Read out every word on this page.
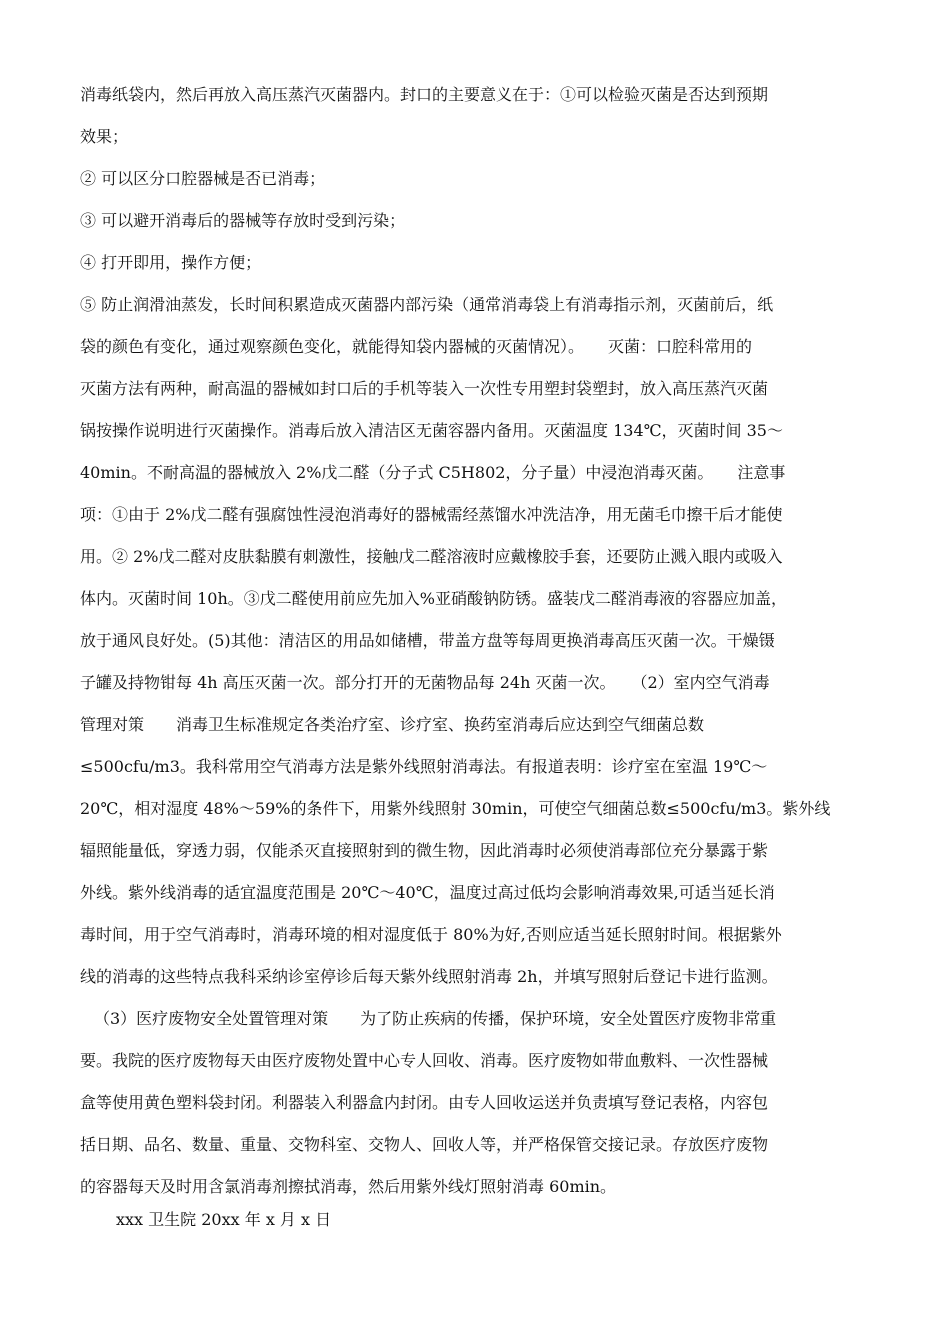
消毒纸袋内，然后再放入高压蒸汽灭菌器内。封口的主要意义在于：①可以检验灭菌是否达到预期
效果；
② 可以区分口腔器械是否已消毒；
③ 可以避开消毒后的器械等存放时受到污染；
④ 打开即用，操作方便；
⑤ 防止润滑油蒸发，长时间积累造成灭菌器内部污染（通常消毒袋上有消毒指示剂，灭菌前后，纸
袋的颜色有变化，通过观察颜色变化，就能得知袋内器械的灭菌情况）。　　灭菌：口腔科常用的
灭菌方法有两种，耐高温的器械如封口后的手机等装入一次性专用塑封袋塑封，放入高压蒸汽灭菌
锅按操作说明进行灭菌操作。消毒后放入清洁区无菌容器内备用。灭菌温度 134℃，灭菌时间 35～
40min。不耐高温的器械放入 2%戊二醛（分子式 C5H802，分子量）中浸泡消毒灭菌。　　注意事
项：①由于 2%戊二醛有强腐蚀性浸泡消毒好的器械需经蒸馏水冲洗洁净，用无菌毛巾擦干后才能使
用。② 2%戊二醛对皮肤黏膜有刺激性，接触戊二醛溶液时应戴橡胶手套，还要防止溅入眼内或吸入
体内。灭菌时间 10h。③戊二醛使用前应先加入%亚硝酸钠防锈。盛装戊二醛消毒液的容器应加盖，
放于通风良好处。(5)其他：清洁区的用品如储槽，带盖方盘等每周更换消毒高压灭菌一次。干燥镊
子罐及持物钳每 4h 高压灭菌一次。部分打开的无菌物品每 24h 灭菌一次。　　（2）室内空气消毒
管理对策　　消毒卫生标准规定各类治疗室、诊疗室、换药室消毒后应达到空气细菌总数
≤500cfu/m3。我科常用空气消毒方法是紫外线照射消毒法。有报道表明：诊疗室在室温 19℃～
20℃，相对湿度 48%～59%的条件下，用紫外线照射 30min，可使空气细菌总数≤500cfu/m3。紫外线
辐照能量低，穿透力弱，仅能杀灭直接照射到的微生物，因此消毒时必须使消毒部位充分暴露于紫
外线。紫外线消毒的适宜温度范围是 20℃～40℃，温度过高过低均会影响消毒效果,可适当延长消
毒时间，用于空气消毒时，消毒环境的相对湿度低于 80%为好,否则应适当延长照射时间。根据紫外
线的消毒的这些特点我科采纳诊室停诊后每天紫外线照射消毒 2h，并填写照射后登记卡进行监测。
（3）医疗废物安全处置管理对策　　为了防止疾病的传播，保护环境，安全处置医疗废物非常重
要。我院的医疗废物每天由医疗废物处置中心专人回收、消毒。医疗废物如带血敷料、一次性器械
盒等使用黄色塑料袋封闭。利器装入利器盒内封闭。由专人回收运送并负责填写登记表格，内容包
括日期、品名、数量、重量、交物科室、交物人、回收人等，并严格保管交接记录。存放医疗废物
的容器每天及时用含氯消毒剂擦拭消毒，然后用紫外线灯照射消毒 60min。
xxx 卫生院 20xx 年 x 月 x 日
